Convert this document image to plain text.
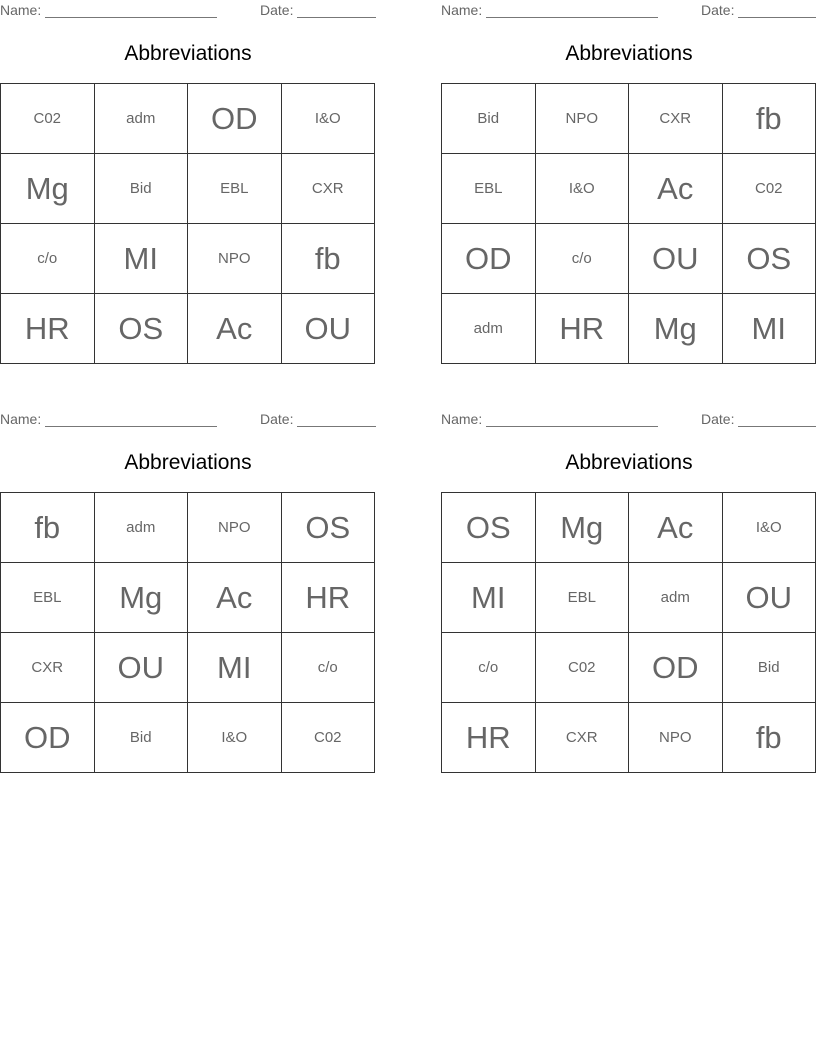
Name:	Date:
Abbreviations
C02	adm	OD	I&O
Mg	Bid	EBL	CXR
c/o	MI	NPO	fb
HR	OS	Ac	OU
Name:	Date:
Abbreviations
Bid	NPO	CXR	fb
EBL	I&O	Ac	C02
OD	c/o	OU	OS
adm	HR	Mg	MI
Name:	Date:
Abbreviations
fb	adm	NPO	OS
EBL	Mg	Ac	HR
CXR	OU	MI	c/o
OD	Bid	I&O	C02
Name:	Date:
Abbreviations
OS	Mg	Ac	I&O
MI	EBL	adm	OU
c/o	C02	OD	Bid
HR	CXR	NPO	fb
